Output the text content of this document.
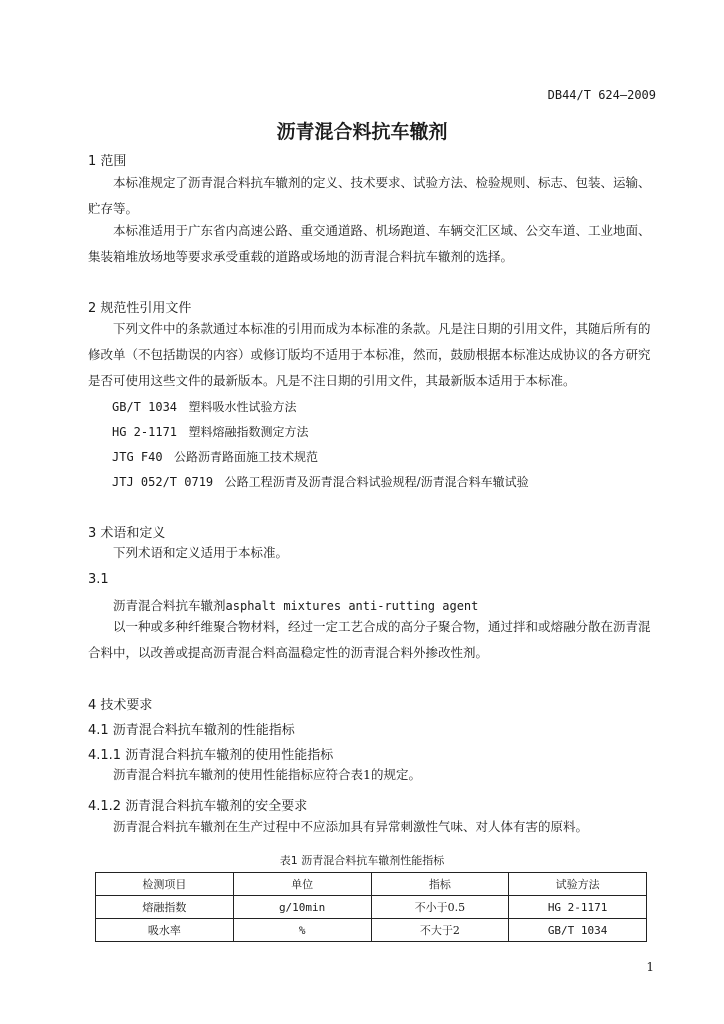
DB44/T 624—2009
沥青混合料抗车辙剂
1 范围
本标准规定了沥青混合料抗车辙剂的定义、技术要求、试验方法、检验规则、标志、包装、运输、贮存等。
本标准适用于广东省内高速公路、重交通道路、机场跑道、车辆交汇区域、公交车道、工业地面、集装箱堆放场地等要求承受重载的道路或场地的沥青混合料抗车辙剂的选择。
2 规范性引用文件
下列文件中的条款通过本标准的引用而成为本标准的条款。凡是注日期的引用文件，其随后所有的修改单（不包括勘误的内容）或修订版均不适用于本标准，然而，鼓励根据本标准达成协议的各方研究是否可使用这些文件的最新版本。凡是不注日期的引用文件，其最新版本适用于本标准。
GB/T 1034 塑料吸水性试验方法
HG 2-1171 塑料熔融指数测定方法
JTG F40 公路沥青路面施工技术规范
JTJ 052/T 0719 公路工程沥青及沥青混合料试验规程/沥青混合料车辙试验
3 术语和定义
下列术语和定义适用于本标准。
3.1
沥青混合料抗车辙剂asphalt mixtures anti-rutting agent
以一种或多种纤维聚合物材料，经过一定工艺合成的高分子聚合物，通过拌和或熔融分散在沥青混合料中，以改善或提高沥青混合料高温稳定性的沥青混合料外掺改性剂。
4 技术要求
4.1 沥青混合料抗车辙剂的性能指标
4.1.1 沥青混合料抗车辙剂的使用性能指标
沥青混合料抗车辙剂的使用性能指标应符合表1的规定。
4.1.2 沥青混合料抗车辙剂的安全要求
沥青混合料抗车辙剂在生产过程中不应添加具有异常刺激性气味、对人体有害的原料。
表1 沥青混合料抗车辙剂性能指标
检测项目	单位	指标	试验方法
熔融指数	g/10min	不小于0.5	HG 2-1171
吸水率	%	不大于2	GB/T 1034
1
